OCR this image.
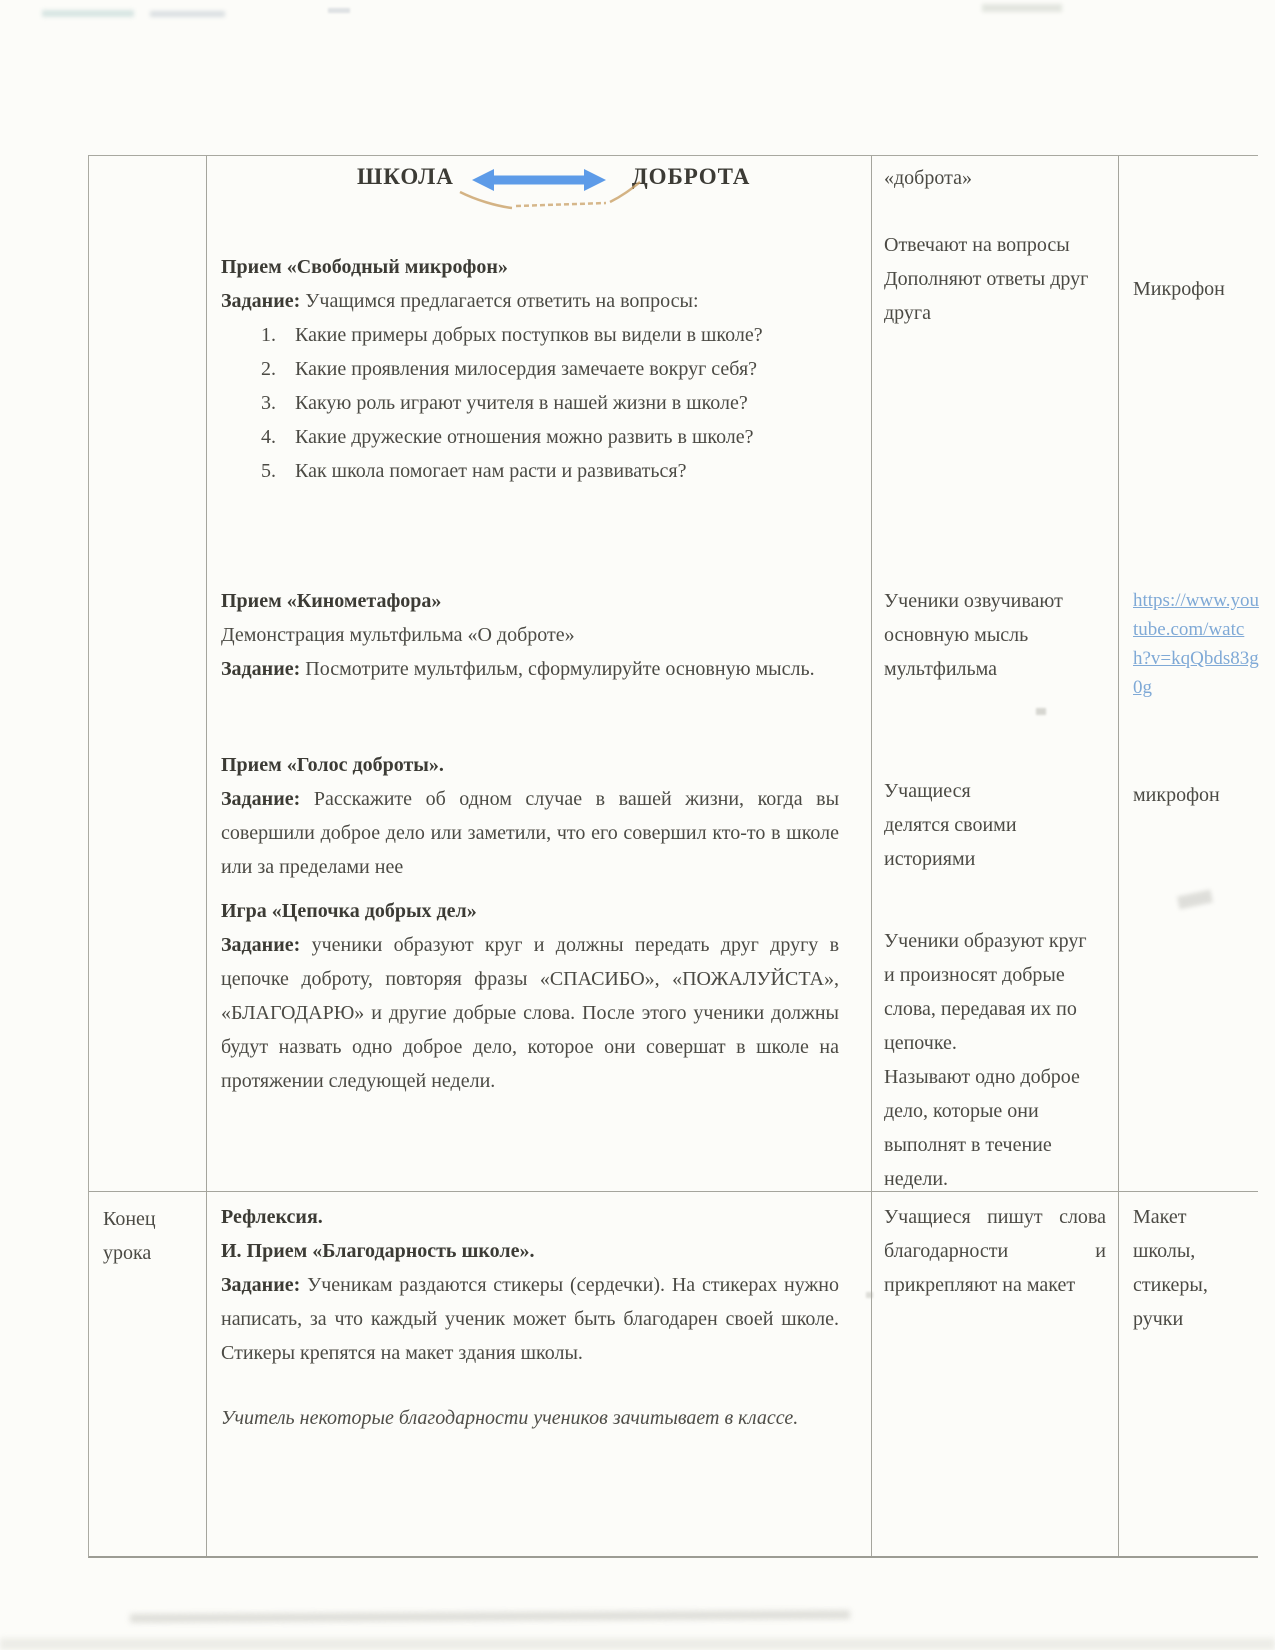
ШКОЛА	ДОБРОТА

Прием «Свободный микрофон»

Задание: Учащимся предлагается ответить на вопросы:

1. Какие примеры добрых поступков вы видели в школе?
2. Какие проявления милосердия замечаете вокруг себя?
3. Какую роль играют учителя в нашей жизни в школе?
4. Какие дружеские отношения можно развить в школе?
5. Как школа помогает нам расти и развиваться?

Прием «Кинометафора»

Демонстрация мультфильма «О доброте»

Задание: Посмотрите мультфильм, сформулируйте основную мысль.

Прием «Голос доброты».

Задание: Расскажите об одном случае в вашей жизни, когда вы совершили доброе дело или заметили, что его совершил кто-то в школе или за пределами нее

Игра «Цепочка добрых дел»

Задание: ученики образуют круг и должны передать друг другу в цепочке доброту, повторяя фразы «СПАСИБО», «ПОЖАЛУЙСТА», «БЛАГОДАРЮ» и другие добрые слова. После этого ученики должны будут назвать одно доброе дело, которое они совершат в школе на протяжении следующей недели.

«доброта»

Отвечают на вопросы

Дополняют ответы друг друга

Ученики озвучивают основную мысль мультфильма

Учащиеся

делятся своими историями

Ученики образуют круг и произносят добрые слова, передавая их по цепочке.

Называют одно доброе дело, которые они выполнят в течение недели.

Микрофон
https://www.youtube.com/watch?v=kqQbds83g0g
микрофон
Конец урока

Рефлексия.

И. Прием «Благодарность школе».

Задание: Ученикам раздаются стикеры (сердечки). На стикерах нужно написать, за что каждый ученик может быть благодарен своей школе. Стикеры крепятся на макет здания школы.

Учитель некоторые благодарности учеников зачитывает в классе.

Учащиеся пишут слова благодарности и прикрепляют на макет
Макет школы, стикеры, ручки
